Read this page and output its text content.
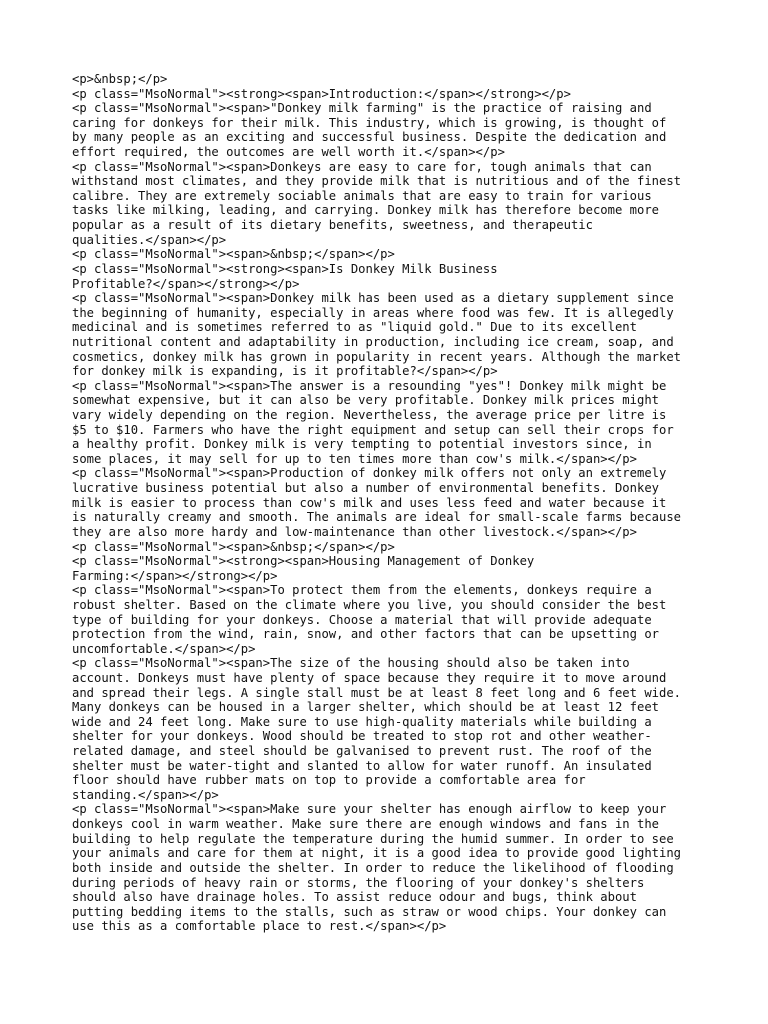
<p>&nbsp;</p>
<p class="MsoNormal"><strong><span>Introduction:</span></strong></p>
<p class="MsoNormal"><span>"Donkey milk farming" is the practice of raising and
caring for donkeys for their milk. This industry, which is growing, is thought of
by many people as an exciting and successful business. Despite the dedication and
effort required, the outcomes are well worth it.</span></p>
<p class="MsoNormal"><span>Donkeys are easy to care for, tough animals that can
withstand most climates, and they provide milk that is nutritious and of the finest
calibre. They are extremely sociable animals that are easy to train for various
tasks like milking, leading, and carrying. Donkey milk has therefore become more
popular as a result of its dietary benefits, sweetness, and therapeutic
qualities.</span></p>
<p class="MsoNormal"><span>&nbsp;</span></p>
<p class="MsoNormal"><strong><span>Is Donkey Milk Business
Profitable?</span></strong></p>
<p class="MsoNormal"><span>Donkey milk has been used as a dietary supplement since
the beginning of humanity, especially in areas where food was few. It is allegedly
medicinal and is sometimes referred to as "liquid gold." Due to its excellent
nutritional content and adaptability in production, including ice cream, soap, and
cosmetics, donkey milk has grown in popularity in recent years. Although the market
for donkey milk is expanding, is it profitable?</span></p>
<p class="MsoNormal"><span>The answer is a resounding "yes"! Donkey milk might be
somewhat expensive, but it can also be very profitable. Donkey milk prices might
vary widely depending on the region. Nevertheless, the average price per litre is
$5 to $10. Farmers who have the right equipment and setup can sell their crops for
a healthy profit. Donkey milk is very tempting to potential investors since, in
some places, it may sell for up to ten times more than cow's milk.</span></p>
<p class="MsoNormal"><span>Production of donkey milk offers not only an extremely
lucrative business potential but also a number of environmental benefits. Donkey
milk is easier to process than cow's milk and uses less feed and water because it
is naturally creamy and smooth. The animals are ideal for small-scale farms because
they are also more hardy and low-maintenance than other livestock.</span></p>
<p class="MsoNormal"><span>&nbsp;</span></p>
<p class="MsoNormal"><strong><span>Housing Management of Donkey
Farming:</span></strong></p>
<p class="MsoNormal"><span>To protect them from the elements, donkeys require a
robust shelter. Based on the climate where you live, you should consider the best
type of building for your donkeys. Choose a material that will provide adequate
protection from the wind, rain, snow, and other factors that can be upsetting or
uncomfortable.</span></p>
<p class="MsoNormal"><span>The size of the housing should also be taken into
account. Donkeys must have plenty of space because they require it to move around
and spread their legs. A single stall must be at least 8 feet long and 6 feet wide.
Many donkeys can be housed in a larger shelter, which should be at least 12 feet
wide and 24 feet long. Make sure to use high-quality materials while building a
shelter for your donkeys. Wood should be treated to stop rot and other weather-
related damage, and steel should be galvanised to prevent rust. The roof of the
shelter must be water-tight and slanted to allow for water runoff. An insulated
floor should have rubber mats on top to provide a comfortable area for
standing.</span></p>
<p class="MsoNormal"><span>Make sure your shelter has enough airflow to keep your
donkeys cool in warm weather. Make sure there are enough windows and fans in the
building to help regulate the temperature during the humid summer. In order to see
your animals and care for them at night, it is a good idea to provide good lighting
both inside and outside the shelter. In order to reduce the likelihood of flooding
during periods of heavy rain or storms, the flooring of your donkey's shelters
should also have drainage holes. To assist reduce odour and bugs, think about
putting bedding items to the stalls, such as straw or wood chips. Your donkey can
use this as a comfortable place to rest.</span></p>
